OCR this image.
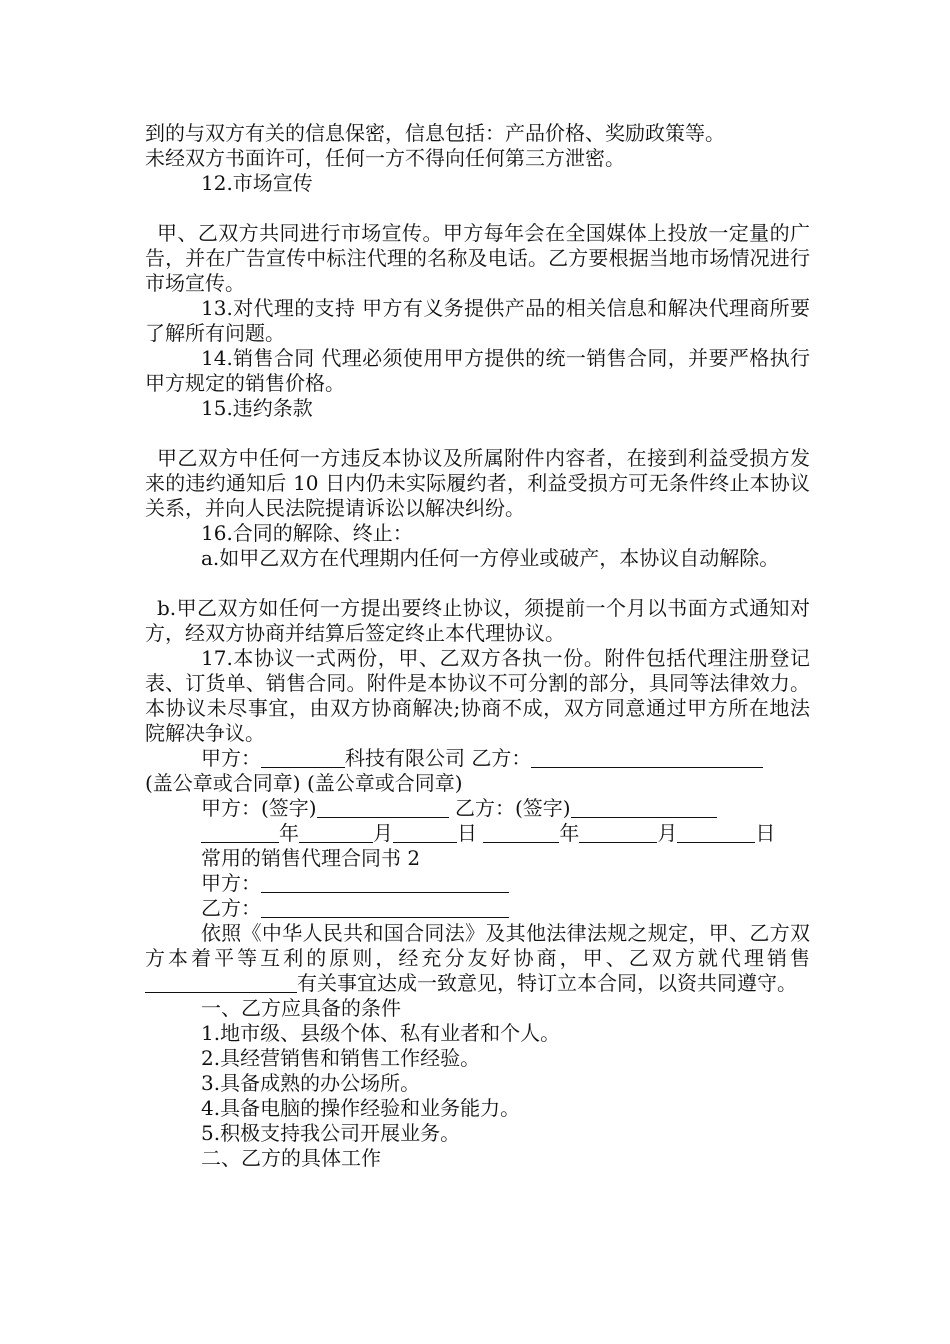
到的与双方有关的信息保密，信息包括：产品价格、奖励政策等。

未经双方书面许可，任何一方不得向任何第三方泄密。

12.市场宣传

甲、乙双方共同进行市场宣传。甲方每年会在全国媒体上投放一定量的广告，并在广告宣传中标注代理的名称及电话。乙方要根据当地市场情况进行市场宣传。

13.对代理的支持 甲方有义务提供产品的相关信息和解决代理商所要了解所有问题。

14.销售合同 代理必须使用甲方提供的统一销售合同，并要严格执行甲方规定的销售价格。

15.违约条款

甲乙双方中任何一方违反本协议及所属附件内容者，在接到利益受损方发来的违约通知后 10 日内仍未实际履约者，利益受损方可无条件终止本协议关系，并向人民法院提请诉讼以解决纠纷。

16.合同的解除、终止：

a.如甲乙双方在代理期内任何一方停业或破产，本协议自动解除。

b.甲乙双方如任何一方提出要终止协议，须提前一个月以书面方式通知对方，经双方协商并结算后签定终止本代理协议。

17.本协议一式两份，甲、乙双方各执一份。附件包括代理注册登记表、订货单、销售合同。附件是本协议不可分割的部分，具同等法律效力。本协议未尽事宜，由双方协商解决;协商不成，双方同意通过甲方所在地法院解决争议。

甲方：	科技有限公司 乙方：

(盖公章或合同章) (盖公章或合同章)

甲方：(签字)	乙方：(签字)

年	月	日	年	月	日

常用的销售代理合同书 2

甲方：

乙方：

依照《中华人民共和国合同法》及其他法律法规之规定，甲、乙方双方本着平等互利的原则，经充分友好协商，甲、乙双方就代理销售有关事宜达成一致意见，特订立本合同，以资共同遵守。

一、乙方应具备的条件

1.地市级、县级个体、私有业者和个人。

2.具经营销售和销售工作经验。

3.具备成熟的办公场所。

4.具备电脑的操作经验和业务能力。

5.积极支持我公司开展业务。

二、乙方的具体工作
